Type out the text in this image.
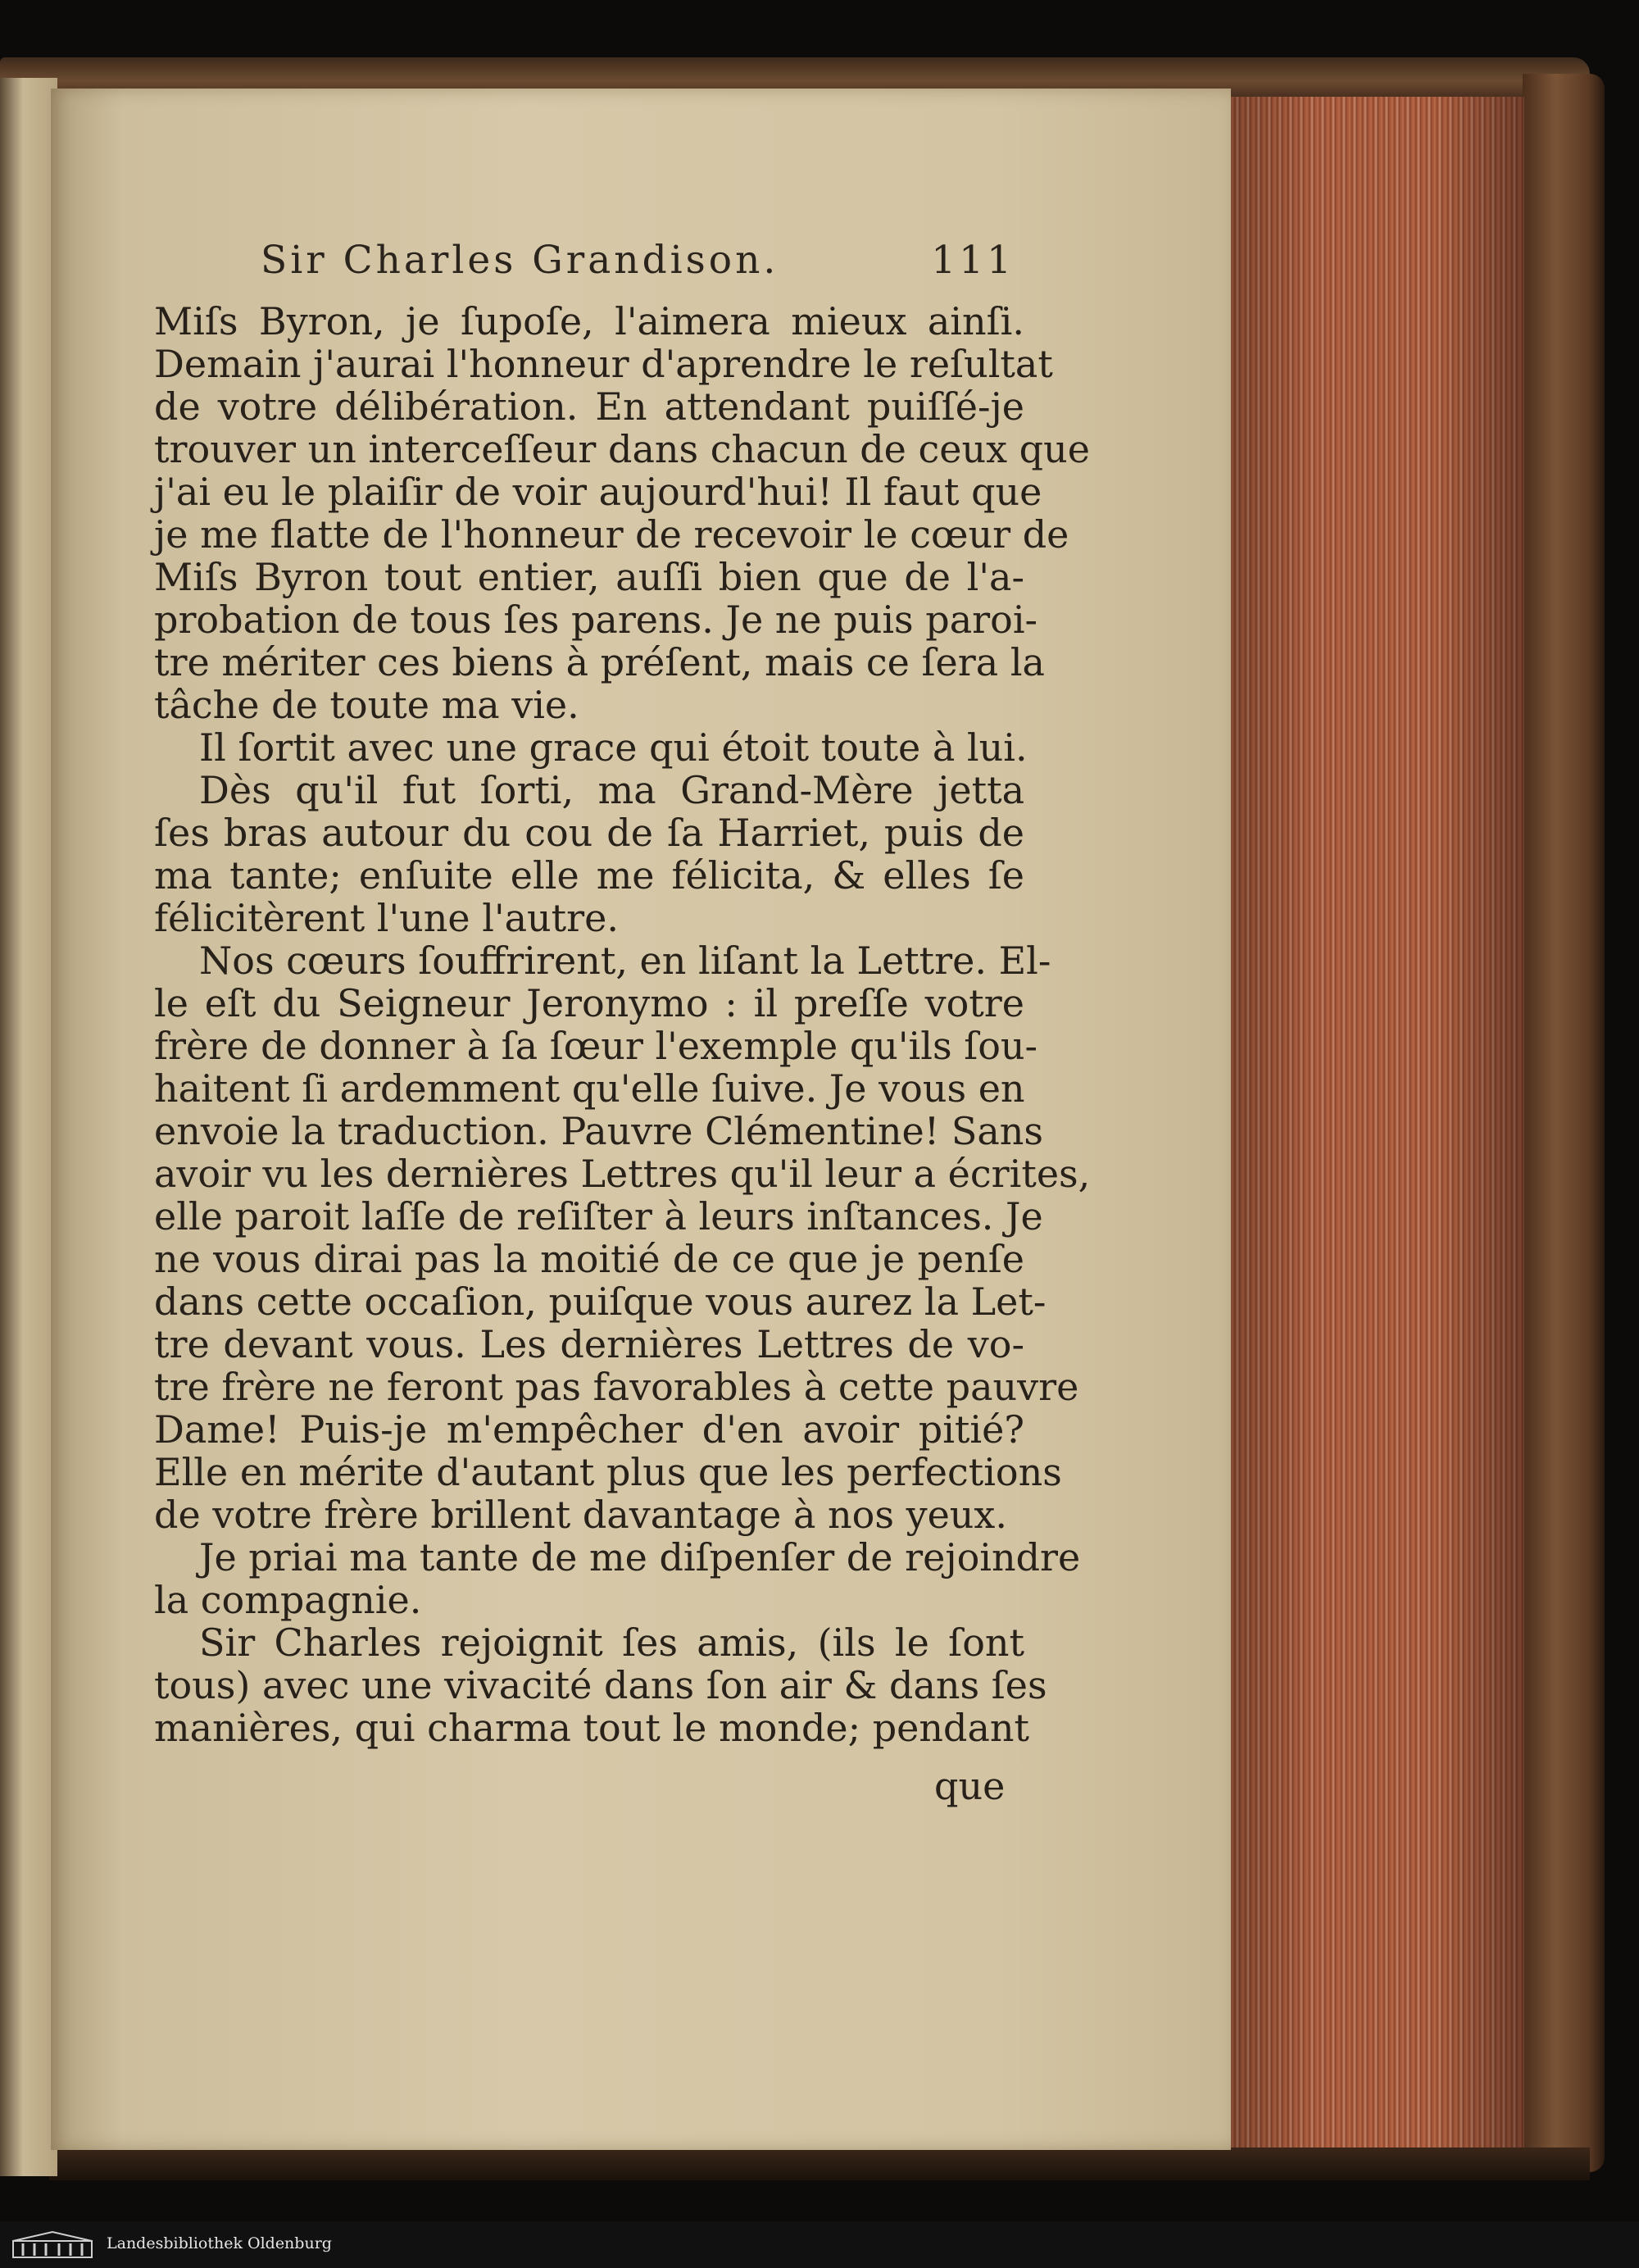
Sir Charles Grandison.	111
Miſs Byron, je ſupoſe, l'aimera mieux ainſi.
Demain j'aurai l'honneur d'aprendre le reſultat
de votre délibération. En attendant puiſſé-je
trouver un interceſſeur dans chacun de ceux que
j'ai eu le plaiſir de voir aujourd'hui! Il faut que
je me flatte de l'honneur de recevoir le cœur de
Miſs Byron tout entier, auſſi bien que de l'a-
probation de tous ſes parens. Je ne puis paroi-
tre mériter ces biens à préſent, mais ce ſera la
tâche de toute ma vie.
Il ſortit avec une grace qui étoit toute à lui.
Dès qu'il fut ſorti, ma Grand-Mère jetta
ſes bras autour du cou de ſa Harriet, puis de
ma tante; enſuite elle me félicita, & elles ſe
félicitèrent l'une l'autre.
Nos cœurs ſouffrirent, en liſant la Lettre. El-
le eſt du Seigneur Jeronymo : il preſſe votre
frère de donner à ſa ſœur l'exemple qu'ils ſou-
haitent ſi ardemment qu'elle ſuive. Je vous en
envoie la traduction. Pauvre Clémentine! Sans
avoir vu les dernières Lettres qu'il leur a écrites,
elle paroit laſſe de reſiſter à leurs inſtances. Je
ne vous dirai pas la moitié de ce que je penſe
dans cette occaſion, puiſque vous aurez la Let-
tre devant vous. Les dernières Lettres de vo-
tre frère ne feront pas favorables à cette pauvre
Dame! Puis-je m'empêcher d'en avoir pitié?
Elle en mérite d'autant plus que les perfections
de votre frère brillent davantage à nos yeux.
Je priai ma tante de me diſpenſer de rejoindre
la compagnie.
Sir Charles rejoignit ſes amis, (ils le ſont
tous) avec une vivacité dans ſon air & dans ſes
manières, qui charma tout le monde; pendant
que
Landesbibliothek Oldenburg
